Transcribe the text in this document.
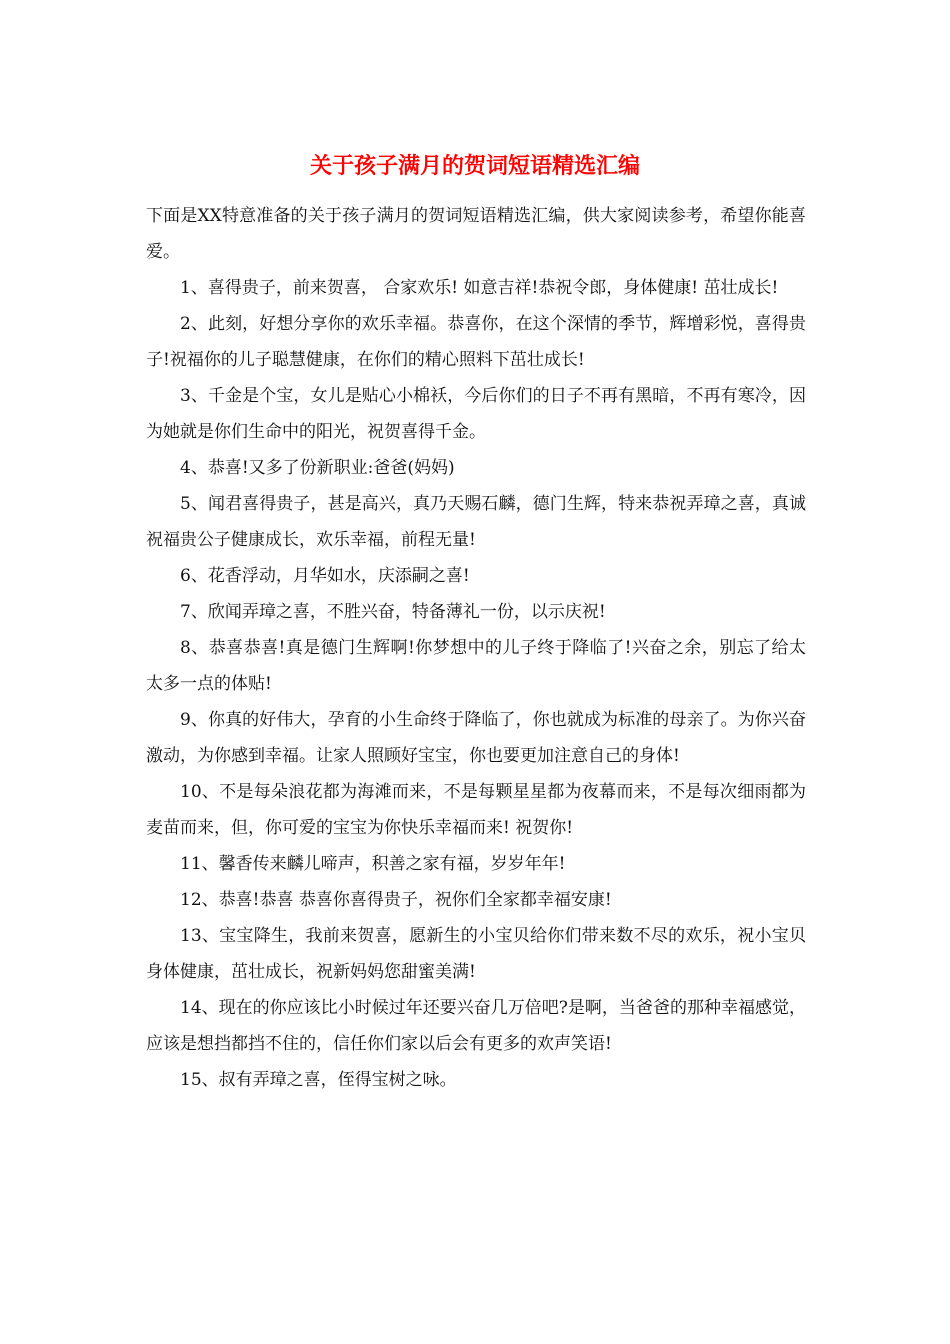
关于孩子满月的贺词短语精选汇编

下面是XX特意准备的关于孩子满月的贺词短语精选汇编，供大家阅读参考，希望你能喜爱。

1、喜得贵子，前来贺喜， 合家欢乐! 如意吉祥!恭祝令郎，身体健康! 茁壮成长!

2、此刻，好想分享你的欢乐幸福。恭喜你，在这个深情的季节，辉增彩悦，喜得贵子!祝福你的儿子聪慧健康，在你们的精心照料下茁壮成长!

3、千金是个宝，女儿是贴心小棉袄，今后你们的日子不再有黑暗，不再有寒冷，因为她就是你们生命中的阳光，祝贺喜得千金。

4、恭喜!又多了份新职业:爸爸(妈妈)

5、闻君喜得贵子，甚是高兴，真乃天赐石麟，德门生辉，特来恭祝弄璋之喜，真诚祝福贵公子健康成长，欢乐幸福，前程无量!

6、花香浮动，月华如水，庆添嗣之喜!

7、欣闻弄璋之喜，不胜兴奋，特备薄礼一份，以示庆祝!

8、恭喜恭喜!真是德门生辉啊!你梦想中的儿子终于降临了!兴奋之余，别忘了给太太多一点的体贴!

9、你真的好伟大，孕育的小生命终于降临了，你也就成为标准的母亲了。为你兴奋激动，为你感到幸福。让家人照顾好宝宝，你也要更加注意自己的身体!

10、不是每朵浪花都为海滩而来，不是每颗星星都为夜幕而来，不是每次细雨都为麦苗而来，但，你可爱的宝宝为你快乐幸福而来! 祝贺你!

11、馨香传来麟儿啼声，积善之家有福，岁岁年年!

12、恭喜!恭喜 恭喜你喜得贵子，祝你们全家都幸福安康!

13、宝宝降生，我前来贺喜，愿新生的小宝贝给你们带来数不尽的欢乐，祝小宝贝身体健康，茁壮成长，祝新妈妈您甜蜜美满!

14、现在的你应该比小时候过年还要兴奋几万倍吧?是啊，当爸爸的那种幸福感觉，应该是想挡都挡不住的，信任你们家以后会有更多的欢声笑语!

15、叔有弄璋之喜，侄得宝树之咏。
